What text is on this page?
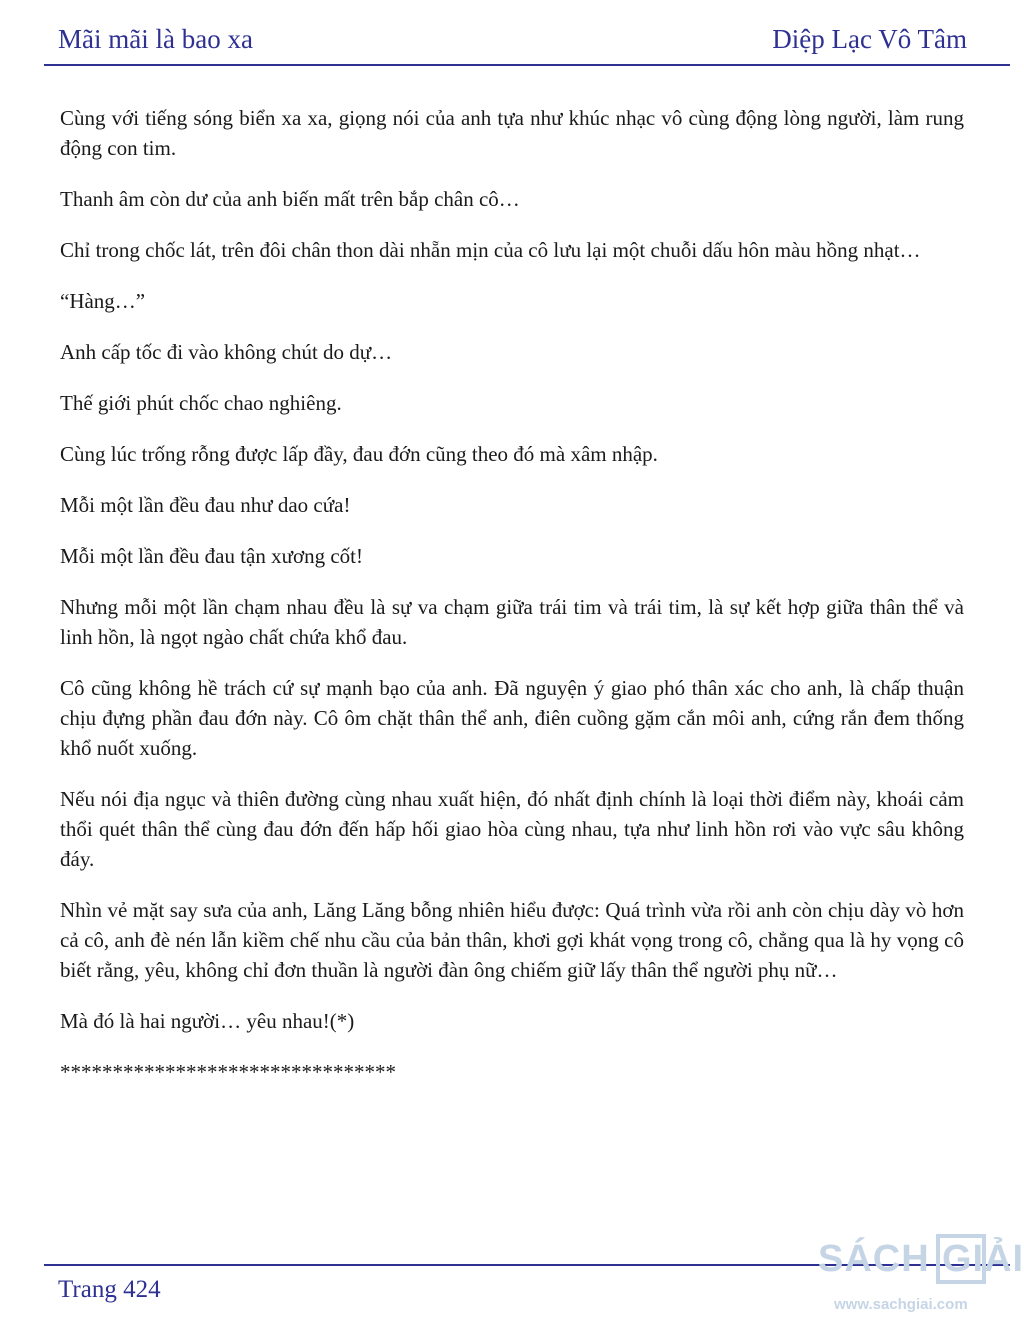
Mãi mãi là bao xa	Diệp Lạc Vô Tâm

Cùng với tiếng sóng biển xa xa, giọng nói của anh tựa như khúc nhạc vô cùng động lòng người, làm rung động con tim.

Thanh âm còn dư của anh biến mất trên bắp chân cô…

Chỉ trong chốc lát, trên đôi chân thon dài nhẵn mịn của cô lưu lại một chuỗi dấu hôn màu hồng nhạt…

“Hàng…”

Anh cấp tốc đi vào không chút do dự…

Thế giới phút chốc chao nghiêng.

Cùng lúc trống rỗng được lấp đầy, đau đớn cũng theo đó mà xâm nhập.

Mỗi một lần đều đau như dao cứa!

Mỗi một lần đều đau tận xương cốt!

Nhưng mỗi một lần chạm nhau đều là sự va chạm giữa trái tim và trái tim, là sự kết hợp giữa thân thể và linh hồn, là ngọt ngào chất chứa khổ đau.

Cô cũng không hề trách cứ sự mạnh bạo của anh. Đã nguyện ý giao phó thân xác cho anh, là chấp thuận chịu đựng phần đau đớn này. Cô ôm chặt thân thể anh, điên cuồng gặm cắn môi anh, cứng rắn đem thống khổ nuốt xuống.

Nếu nói địa ngục và thiên đường cùng nhau xuất hiện, đó nhất định chính là loại thời điểm này, khoái cảm thổi quét thân thể cùng đau đớn đến hấp hối giao hòa cùng nhau, tựa như linh hồn rơi vào vực sâu không đáy.

Nhìn vẻ mặt say sưa của anh, Lăng Lăng bỗng nhiên hiểu được: Quá trình vừa rồi anh còn chịu dày vò hơn cả cô, anh đè nén lẫn kiềm chế nhu cầu của bản thân, khơi gợi khát vọng trong cô, chẳng qua là hy vọng cô biết rằng, yêu, không chỉ đơn thuần là người đàn ông chiếm giữ lấy thân thể người phụ nữ…

Mà đó là hai người… yêu nhau!(*)

********************************

Trang 424
SÁCH GIẢI
www.sachgiai.com
